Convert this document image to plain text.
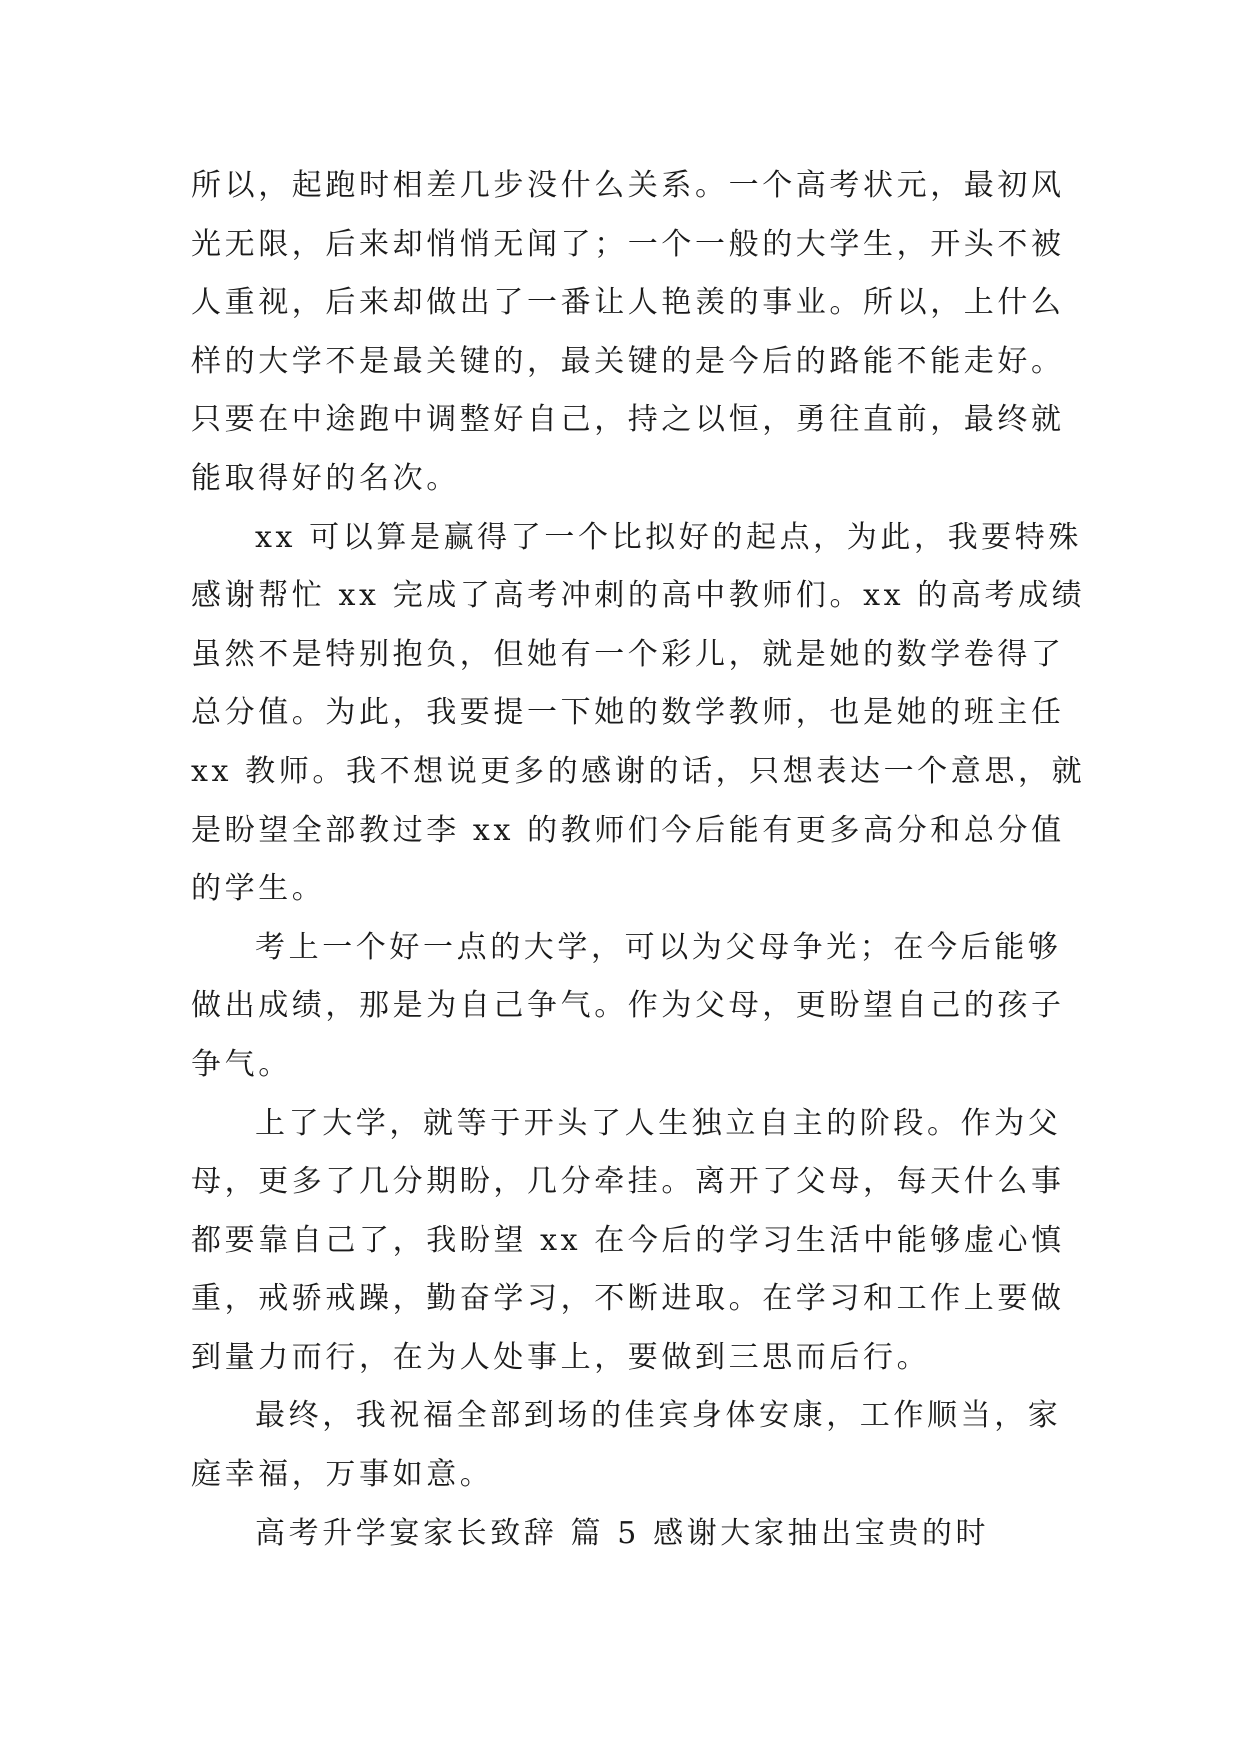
所以，起跑时相差几步没什么关系。一个高考状元，最初风
光无限，后来却悄悄无闻了；一个一般的大学生，开头不被
人重视，后来却做出了一番让人艳羡的事业。所以，上什么
样的大学不是最关键的，最关键的是今后的路能不能走好。
只要在中途跑中调整好自己，持之以恒，勇往直前，最终就
能取得好的名次。
xx 可以算是赢得了一个比拟好的起点，为此，我要特殊
感谢帮忙 xx 完成了高考冲刺的高中教师们。xx 的高考成绩
虽然不是特别抱负，但她有一个彩儿，就是她的数学卷得了
总分值。为此，我要提一下她的数学教师，也是她的班主任
xx 教师。我不想说更多的感谢的话，只想表达一个意思，就
是盼望全部教过李 xx 的教师们今后能有更多高分和总分值
的学生。
考上一个好一点的大学，可以为父母争光；在今后能够
做出成绩，那是为自己争气。作为父母，更盼望自己的孩子
争气。
上了大学，就等于开头了人生独立自主的阶段。作为父
母，更多了几分期盼，几分牵挂。离开了父母，每天什么事
都要靠自己了，我盼望 xx 在今后的学习生活中能够虚心慎
重，戒骄戒躁，勤奋学习，不断进取。在学习和工作上要做
到量力而行，在为人处事上，要做到三思而后行。
最终，我祝福全部到场的佳宾身体安康，工作顺当，家
庭幸福，万事如意。
高考升学宴家长致辞 篇 5 感谢大家抽出宝贵的时
